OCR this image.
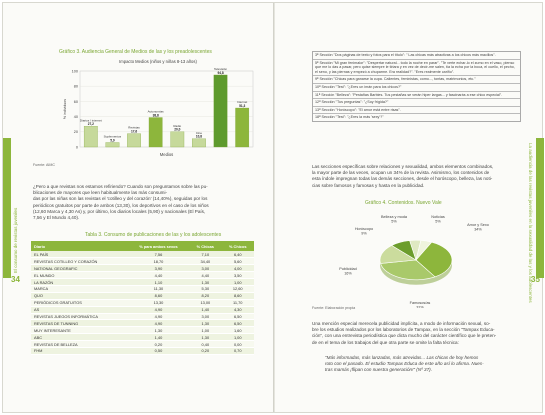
El consumo de revistas juveniles
34
Gráfico 3. Audiencia General de Medios de las y los preadolescentes
Impacto Medios (niños y niñas 8-13 años)
0
20
40
60
80
100
% individuos
Medios
Diarios / internet
27,2
Suplementos
5,9
Revistas
17,6
Autonomías
38,8
Radio
20,0
Cine
10,8
Televisión
94,8
Internet
51,3
Fuente: AIMC
¿Pero a que revistas nos estamos refiriendo? Cuando son preguntamos sobre las pu-
blicaciones de mayores que leen habitualmente las más consumi-
das por las niñas son las revistas el 'cotilleo y del corazón' (14,40%), seguidas por los
periódicos gratuitos por parte de ambos (13,30), los deportivos en el caso de los niños
(12,60 Marca y 4,30 As) y, por último, los diarios locales (5,90) y nacionales (El País,
7,56 y El Mundo 4,40).
Tabla 3. Consumo de publicaciones de las y los adolescentes
Diario	% para ambos sexos	% Chicas	% Chicos
EL PAÍS	7,56	7,10	6,40
REVISTAS COTILLEO Y CORAZÓN	18,70	34,40	5,60
NATIONAL GEOGRAFIC	3,90	3,00	4,00
EL MUNDO	4,40	4,40	3,50
LA RAZÓN	1,10	1,30	1,00
MARCA	11,30	5,30	12,60
QUO	8,60	8,20	8,60
PERIÓDICOS GRATUITOS	13,30	13,00	11,70
AS	4,90	1,40	4,30
REVISTAS JUEGOS INFORMÁTICA	4,90	3,00	6,50
REVISTAS DE TUNNING	4,90	1,30	6,50
MUY INTERESANTE	1,30	1,00	1,60
ABC	1,40	1,30	1,00
REVISTAS DE BELLEZA	0,20	0,40	0,00
FHM	0,50	0,20	0,70
La audiencia de las revistas juveniles en la sexualidad de las y los adolescentes
35
3ª Sección "Dos páginas de texto y fotos para el título": " Las chicas más atractivas a los chicos más macillos".
5ª Sección "Mi gran fenimalor": "Despertar natural... todo la noche en parar". "Te verte echar-lo el zumo en el vaso, pienso que me lo das a pasar, pero quise siempre le tiriara y en vez de decir-me salen, tía la echa por la boca, el cuello, el pecho, el seno, y las piernas y empezó a chuparme. Era realidad?". "Eres realmente cariño".
9ª Sección "Chicas para ganarse la cupa. Calientes, feministas, como..., tontas, matrimonios, etc."
10ª Sección "Test": "¿Eres un imán para los chicos?"
11ª Sección "Belleza": "Pestañas Barbies. Tus pestañas se verán hiper largas... y fascinarás a ese chico especial".
12ª Sección "Tus preguntas": "¿Soy frígida?"
13ª Sección "Horóscopo": "El amor está entre risas".
18ª Sección "Test": "¿Eres la más 'sexy'?"
Las secciones específicas sobre relaciones y sexualidad, ambos elementos combinados,
la mayor parte de las veces, ocupan un 34% de la revista. Asimismo, los contenidos de
esta índole impregnan todas las demás secciones, desde el horóscopo, belleza, las noti-
cias sobre famosos y famosas y hasta en la publicidad.
Gráfico 4. Contenidos. Nuevo Vale
Amor y Sexo
34%
Famosos/as
31%
Publicidad
16%
Horóscopo
9%
Belleza y moda
5%
Noticias
5%
Fuente: Elaboración propia
Una mención especial merecela publicidad implícita, a modo de información sexual, so-
bre los estudios realizados por los laboratorios de Tampax, en la sección "Tampax Educa-
ción", con una entrevista periodística que dicta mucho del carácter científico que le preten-
de en el tema de los trabajos del que otra parte se omite la falta técnica:
"Más informadas, más lanzadas, más atrevidas... Las chicas de hoy hemos
roto con el pasado. El estudio Tampax Educa de este año así lo afirma. Nues-
tras mamás ¡flipan con nuestra generación!" (Nº 37).
